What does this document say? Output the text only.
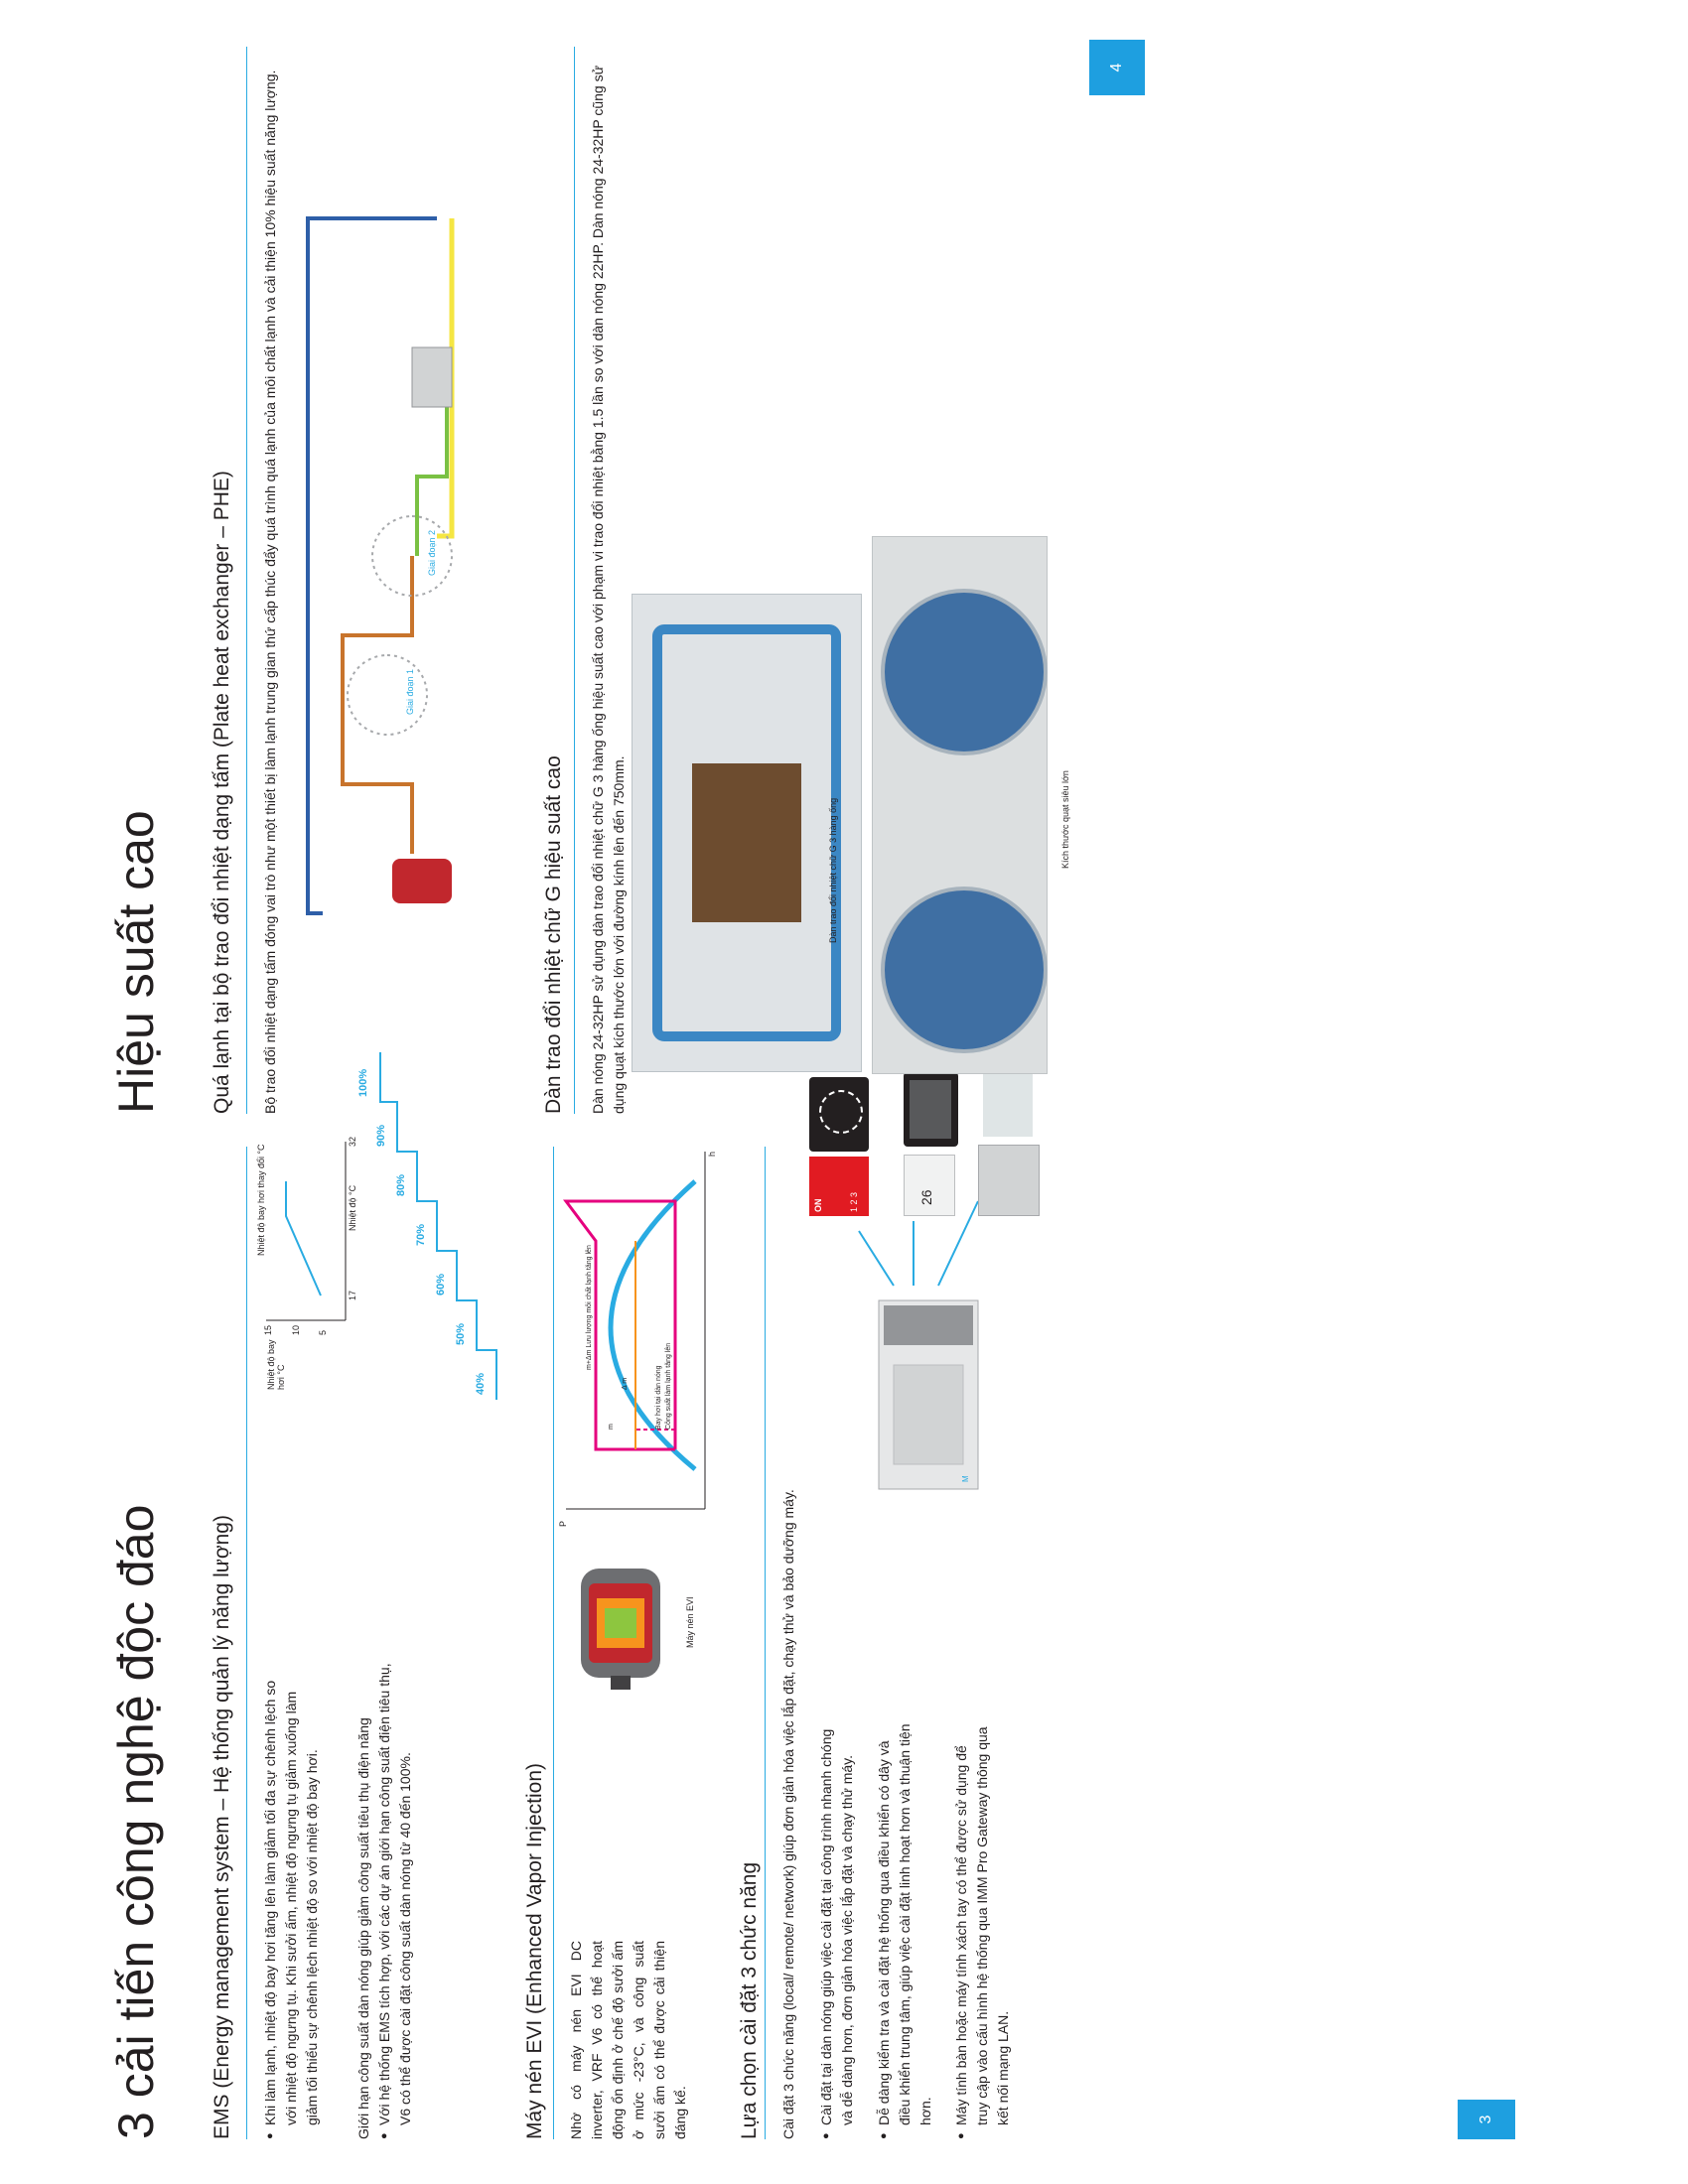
3 cải tiến công nghệ độc đáo EMS (Energy management system – Hệ thống quản lý năng lượng) ● Khi làm lạnh, nhiệt độ bay hơi tăng lên làm giảm tối đa sự chênh lệch so với nhiệt độ ngưng tụ. Khi sưởi ấm, nhiệt độ ngưng tụ giảm xuống làm giảm tối thiểu sự chênh lệch nhiệt độ so với nhiệt độ bay hơi.	Giới hạn công suất dàn nóng giúp giảm công suất tiêu thụ điện năng ● Với hệ thống EMS tích hợp, với các dự án giới hạn công suất điện tiêu thụ, V6 có thể được cài đặt công suất dàn nóng từ 40 đến 100%.
Nhiệt độ bay hơi thay đổi °C
15 10 5
Nhiệt độ bay hơi °C
17
32
Nhiệt độ °C
40%
50%
60%
70%
80%
90%
100%
Máy nén EVI (Enhanced Vapor Injection) Nhờ có máy nén EVI DC inverter, VRF V6 có thể hoạt động ổn định ở chế độ sưởi ấm ở mức -23°C, và công suất sưởi ấm có thể được cải thiện đáng kể.
Máy nén EVI
P
h
m
Δ m
m+Δm Lưu lượng môi chất lạnh tăng lên
Bay hơi tại dàn nóng Công suất làm lạnh tăng lên
Lựa chọn cài đặt 3 chức năng Cài đặt 3 chức năng (local/ remote/ network) giúp đơn giản hóa việc lắp đặt, chạy thử và bảo dưỡng máy. ● Cài đặt tại dàn nóng giúp việc cài đặt tại công trình nhanh chóng và dễ dàng hơn, đơn giản hóa việc lắp đặt và chạy thử máy. ● Dễ dàng kiểm tra và cài đặt hệ thống qua điều khiển có dây và điều khiển trung tâm, giúp việc cài đặt linh hoạt hơn và thuận tiện hơn. ● Máy tính bàn hoặc máy tính xách tay có thể được sử dụng để truy cập vào cấu hình hệ thống qua IMM Pro Gateway thông qua kết nối mạng LAN.
M
ON	1 2 3	26
3
Hiệu suất cao Quá lạnh tại bộ trao đổi nhiệt dạng tấm (Plate heat exchanger – PHE) Bộ trao đổi nhiệt dạng tấm đóng vai trò như một thiết bị làm lạnh trung gian thứ cấp thúc đẩy quá trình quá lạnh của môi chất lạnh và cải thiện 10% hiệu suất năng lượng.	Giai đoạn 1
Giai đoạn 2
Dàn trao đổi nhiệt chữ G hiệu suất cao Dàn nóng 24-32HP sử dụng dàn trao đổi nhiệt chữ G 3 hàng ống hiệu suất cao với phạm vi trao đổi nhiệt bằng 1.5 lần so với dàn nóng 22HP. Dàn nóng 24-32HP cũng sử dụng quạt kích thước lớn với đường kính lên đến 750mm.	Dàn trao đổi nhiệt chữ G 3 hàng ống	Kích thước quạt siêu lớn
4
